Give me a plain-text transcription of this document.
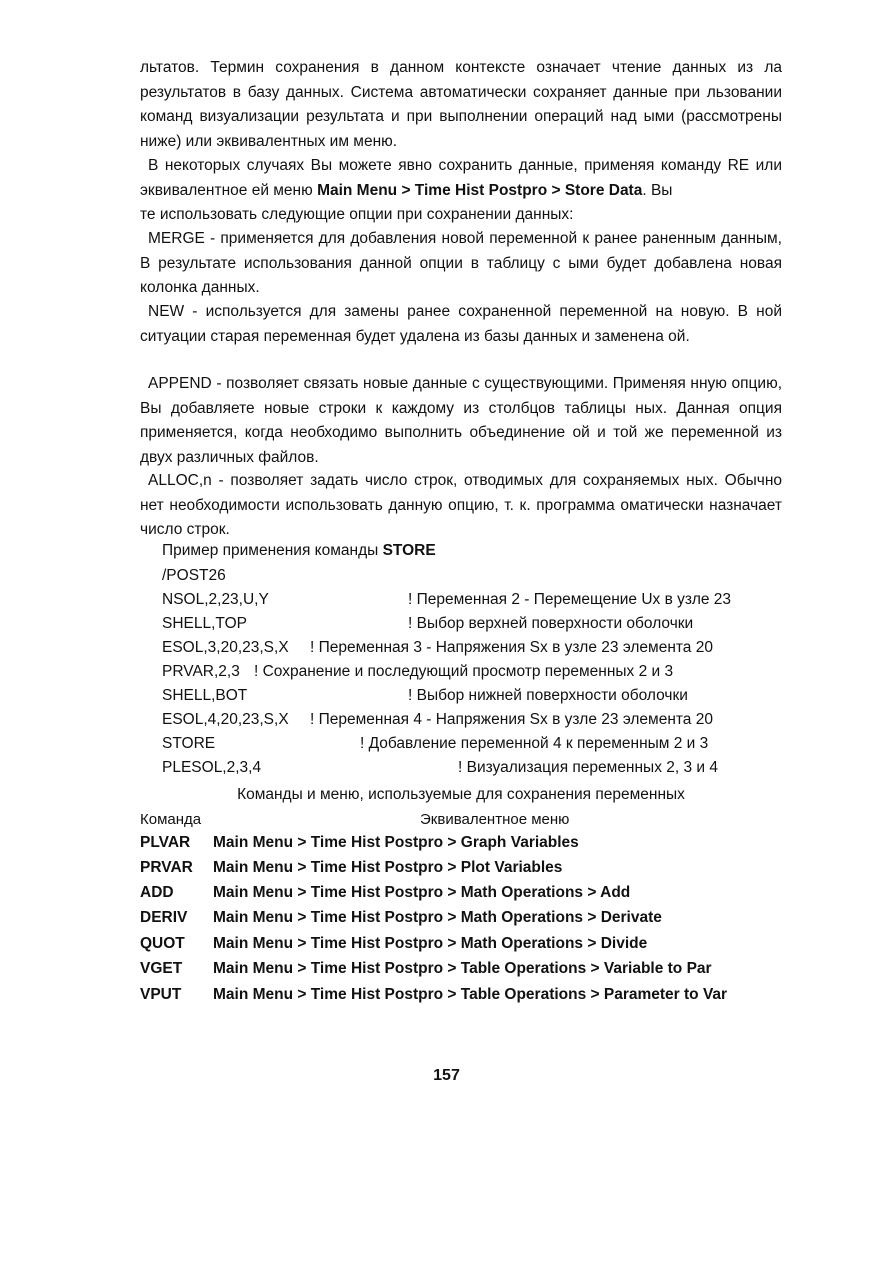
льтатов. Термин сохранения в данном контексте означает чтение данных из ла результатов в базу данных. Система автоматически сохраняет данные при льзовании команд визуализации результата и при выполнении операций над ыми (рассмотрены ниже) или эквивалентных им меню.

В некоторых случаях Вы можете явно сохранить данные, применяя команду RE или эквивалентное ей меню Main Menu > Time Hist Postpro > Store Data. Вы
те использовать следующие опции при сохранении данных:

MERGE - применяется для добавления новой переменной к ранее раненным данным, В результате использования данной опции в таблицу с ыми будет добавлена новая колонка данных.

NEW - используется для замены ранее сохраненной переменной на новую. В ной ситуации старая переменная будет удалена из базы данных и заменена ой.

APPEND - позволяет связать новые данные с существующими. Применяя нную опцию, Вы добавляете новые строки к каждому из столбцов таблицы ных. Данная опция применяется, когда необходимо выполнить объединение ой и той же переменной из двух различных файлов.

ALLOC,n - позволяет задать число строк, отводимых для сохраняемых ных. Обычно нет необходимости использовать данную опцию, т. к. программа оматически назначает число строк.

Пример применения команды STORE
/POST26
NSOL,2,23,U,Y	! Переменная 2 - Перемещение Ux в узле 23
SHELL,TOP	! Выбор верхней поверхности оболочки
ESOL,3,20,23,S,X ! Переменная 3 - Напряжения Sx в узле 23 элемента 20
PRVAR,2,3 ! Сохранение и последующий просмотр переменных 2 и 3
SHELL,BOT	! Выбор нижней поверхности оболочки
ESOL,4,20,23,S,X ! Переменная 4 - Напряжения Sx в узле 23 элемента 20
STORE	! Добавление переменной 4 к переменным 2 и 3
PLESOL,2,3,4	! Визуализация переменных 2, 3 и 4
Команды и меню, используемые для сохранения переменных
Команда	Эквивалентное меню
PLVAR Main Menu > Time Hist Postpro > Graph Variables
PRVAR Main Menu > Time Hist Postpro > Plot Variables
ADD	Main Menu > Time Hist Postpro > Math Operations > Add
DERIV Main Menu > Time Hist Postpro > Math Operations > Derivate
QUOT Main Menu > Time Hist Postpro > Math Operations > Divide
VGET Main Menu > Time Hist Postpro > Table Operations > Variable to Par
VPUT Main Menu > Time Hist Postpro > Table Operations > Parameter to Var
157
